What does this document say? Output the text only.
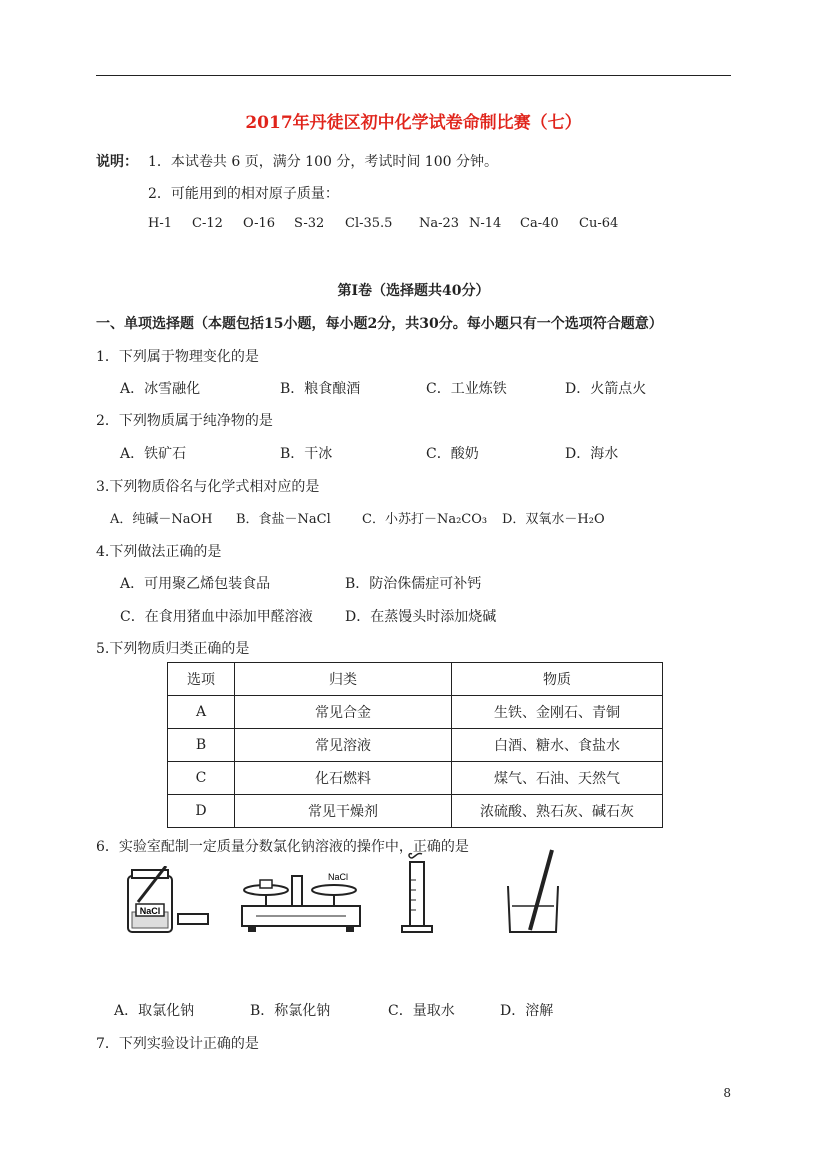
2017年丹徒区初中化学试卷命制比赛（七）
说明： 1．本试卷共 6 页，满分 100 分，考试时间 100 分钟。
2．可能用到的相对原子质量：
H-1 C-12 O-16 S-32 Cl-35.5 Na-23 N-14 Ca-40 Cu-64
第Ⅰ卷（选择题共40分）
一、单项选择题（本题包括15小题，每小题2分，共30分。每小题只有一个选项符合题意）
1．下列属于物理变化的是
A．冰雪融化	B．粮食酿酒	C．工业炼铁	D．火箭点火
2．下列物质属于纯净物的是
A．铁矿石	B．干冰	C．酸奶	D．海水
3.下列物质俗名与化学式相对应的是
A．纯碱－NaOH B．食盐－NaCl C．小苏打－Na₂CO₃ D．双氧水－H₂O
4.下列做法正确的是
A．可用聚乙烯包装食品	B．防治侏儒症可补钙
C．在食用猪血中添加甲醛溶液 D．在蒸馒头时添加烧碱
5.下列物质归类正确的是
选项	归类	物质
A	常见合金	生铁、金刚石、青铜
B	常见溶液	白酒、糖水、食盐水
C	化石燃料	煤气、石油、天然气
D	常见干燥剂	浓硫酸、熟石灰、碱石灰
6．实验室配制一定质量分数氯化钠溶液的操作中，正确的是
NaCl
NaCl
A．取氯化钠	B．称氯化钠	C．量取水	D．溶解
7．下列实验设计正确的是
8
